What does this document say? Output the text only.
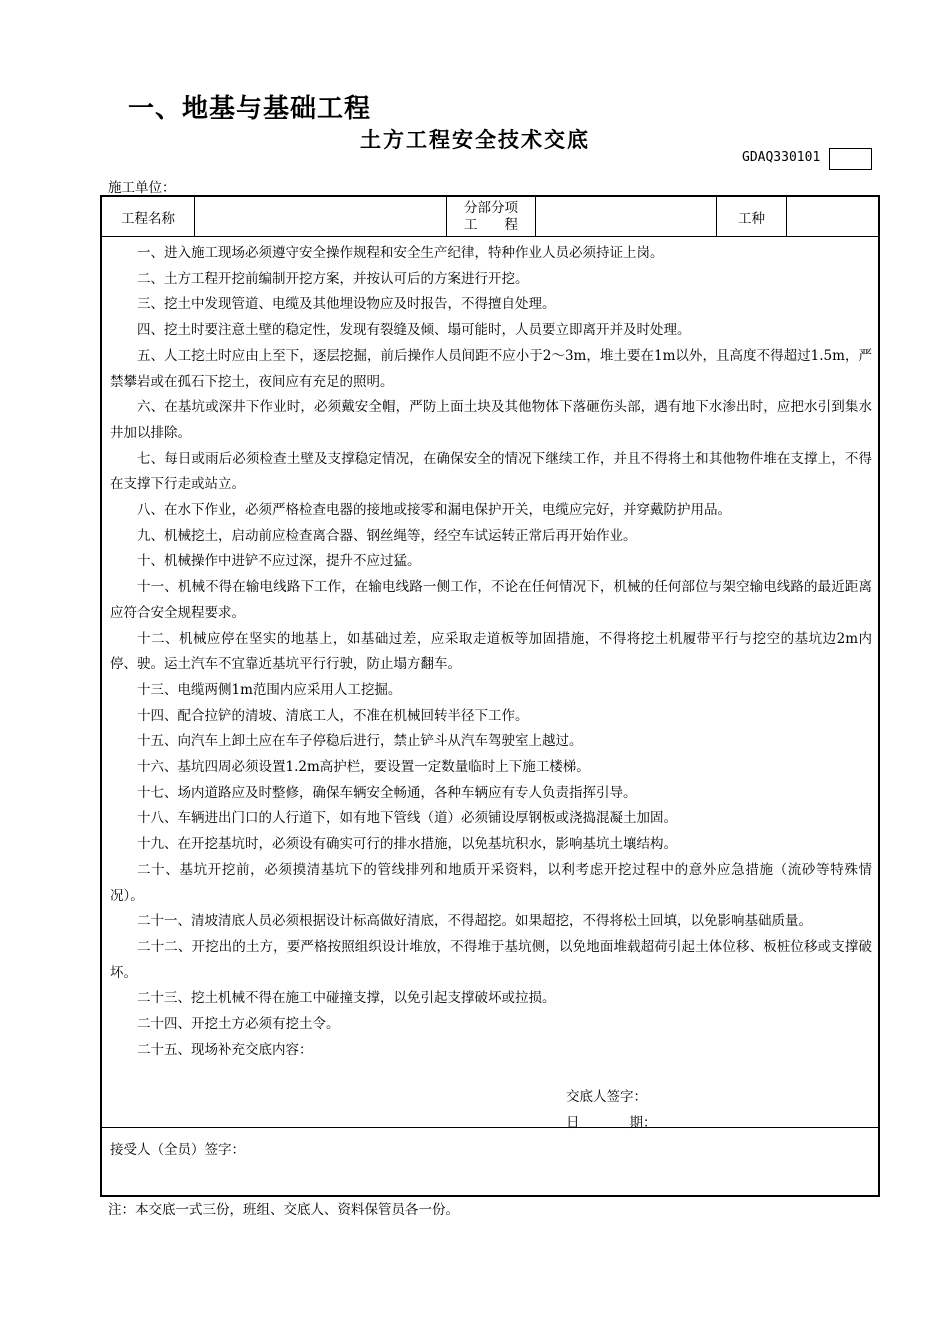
一、地基与基础工程
土方工程安全技术交底
GDAQ330101
施工单位：
工程名称
分部分项
工　　程	工种

一、进入施工现场必须遵守安全操作规程和安全生产纪律，特种作业人员必须持证上岗。

二、土方工程开挖前编制开挖方案，并按认可后的方案进行开挖。

三、挖土中发现管道、电缆及其他埋设物应及时报告，不得擅自处理。

四、挖土时要注意土壁的稳定性，发现有裂缝及倾、塌可能时，人员要立即离开并及时处理。

五、人工挖土时应由上至下，逐层挖掘，前后操作人员间距不应小于2～3m，堆土要在1m以外，且高度不得超过1.5m，严禁攀岩或在孤石下挖土，夜间应有充足的照明。

六、在基坑或深井下作业时，必须戴安全帽，严防上面土块及其他物体下落砸伤头部，遇有地下水渗出时，应把水引到集水井加以排除。

七、每日或雨后必须检查土壁及支撑稳定情况，在确保安全的情况下继续工作，并且不得将土和其他物件堆在支撑上，不得在支撑下行走或站立。

八、在水下作业，必须严格检查电器的接地或接零和漏电保护开关，电缆应完好，并穿戴防护用品。

九、机械挖土，启动前应检查离合器、钢丝绳等，经空车试运转正常后再开始作业。

十、机械操作中进铲不应过深，提升不应过猛。

十一、机械不得在输电线路下工作，在输电线路一侧工作，不论在任何情况下，机械的任何部位与架空输电线路的最近距离应符合安全规程要求。

十二、机械应停在坚实的地基上，如基础过差，应采取走道板等加固措施，不得将挖土机履带平行与挖空的基坑边2m内停、驶。运土汽车不宜靠近基坑平行行驶，防止塌方翻车。

十三、电缆两侧1m范围内应采用人工挖掘。

十四、配合拉铲的清坡、清底工人，不准在机械回转半径下工作。

十五、向汽车上卸土应在车子停稳后进行，禁止铲斗从汽车驾驶室上越过。

十六、基坑四周必须设置1.2m高护栏，要设置一定数量临时上下施工楼梯。

十七、场内道路应及时整修，确保车辆安全畅通，各种车辆应有专人负责指挥引导。

十八、车辆进出门口的人行道下，如有地下管线（道）必须铺设厚钢板或浇捣混凝土加固。

十九、在开挖基坑时，必须设有确实可行的排水措施，以免基坑积水，影响基坑土壤结构。

二十、基坑开挖前，必须摸清基坑下的管线排列和地质开采资料，以利考虑开挖过程中的意外应急措施（流砂等特殊情况）。

二十一、清坡清底人员必须根据设计标高做好清底，不得超挖。如果超挖，不得将松土回填，以免影响基础质量。

二十二、开挖出的土方，要严格按照组织设计堆放，不得堆于基坑侧，以免地面堆载超荷引起土体位移、板桩位移或支撑破坏。

二十三、挖土机械不得在施工中碰撞支撑，以免引起支撑破坏或拉损。

二十四、开挖土方必须有挖土令。

二十五、现场补充交底内容：

交底人签字：
日	期：
接受人（全员）签字：
注：本交底一式三份，班组、交底人、资料保管员各一份。
